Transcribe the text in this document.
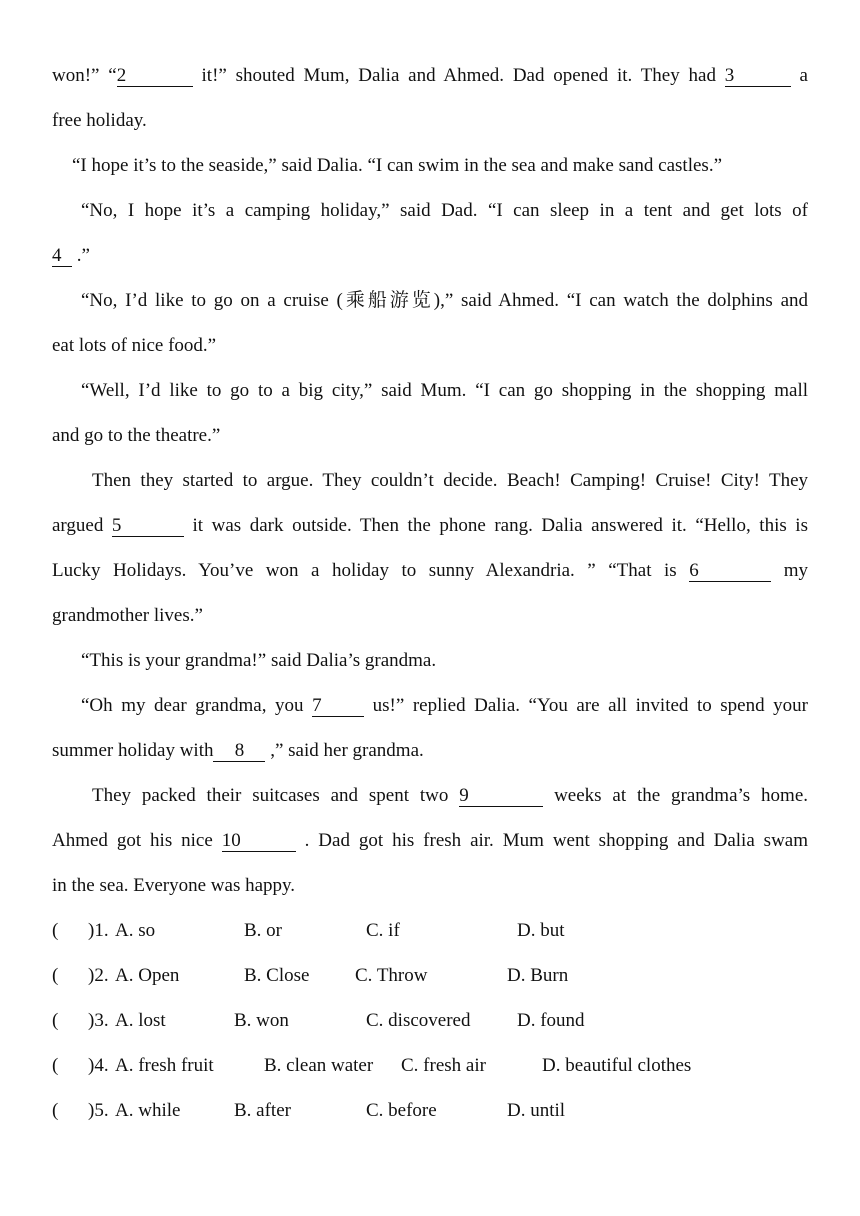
won!” “2	it!” shouted Mum, Dalia and Ahmed. Dad opened it. They had 3	a
free holiday.
“I hope it’s to the seaside,” said Dalia. “I can swim in the sea and make sand castles.”
“No, I hope it’s a camping holiday,” said Dad. “I can sleep in a tent and get lots of
4 .”
“No, I’d like to go on a cruise (乘船游览),” said Ahmed. “I can watch the dolphins and
eat lots of nice food.”
“Well, I’d like to go to a big city,” said Mum. “I can go shopping in the shopping mall
and go to the theatre.”
Then they started to argue. They couldn’t decide. Beach! Camping! Cruise! City! They
argued 5	it was dark outside. Then the phone rang. Dalia answered it. “Hello, this is
Lucky Holidays. You’ve won a holiday to sunny Alexandria. ” “That is 6	my
grandmother lives.”
“This is your grandma!” said Dalia’s grandma.
“Oh my dear grandma, you 7 us!” replied Dalia. “You are all invited to spend your
summer holiday with 8 ,” said her grandma.
They packed their suitcases and spent two 9	weeks at the grandma’s home.
Ahmed got his nice 10	. Dad got his fresh air. Mum went shopping and Dalia swam
in the sea. Everyone was happy.
( )1. A. so	B. or	C. if	D. but
( )2. A. Open	B. Close C. Throw	D. Burn
( )3. A. lost	B. won	C. discovered D. found
( )4. A. fresh fruit	B. clean water C. fresh air	D. beautiful clothes
( )5. A. while	B. after	C. before	D. until
